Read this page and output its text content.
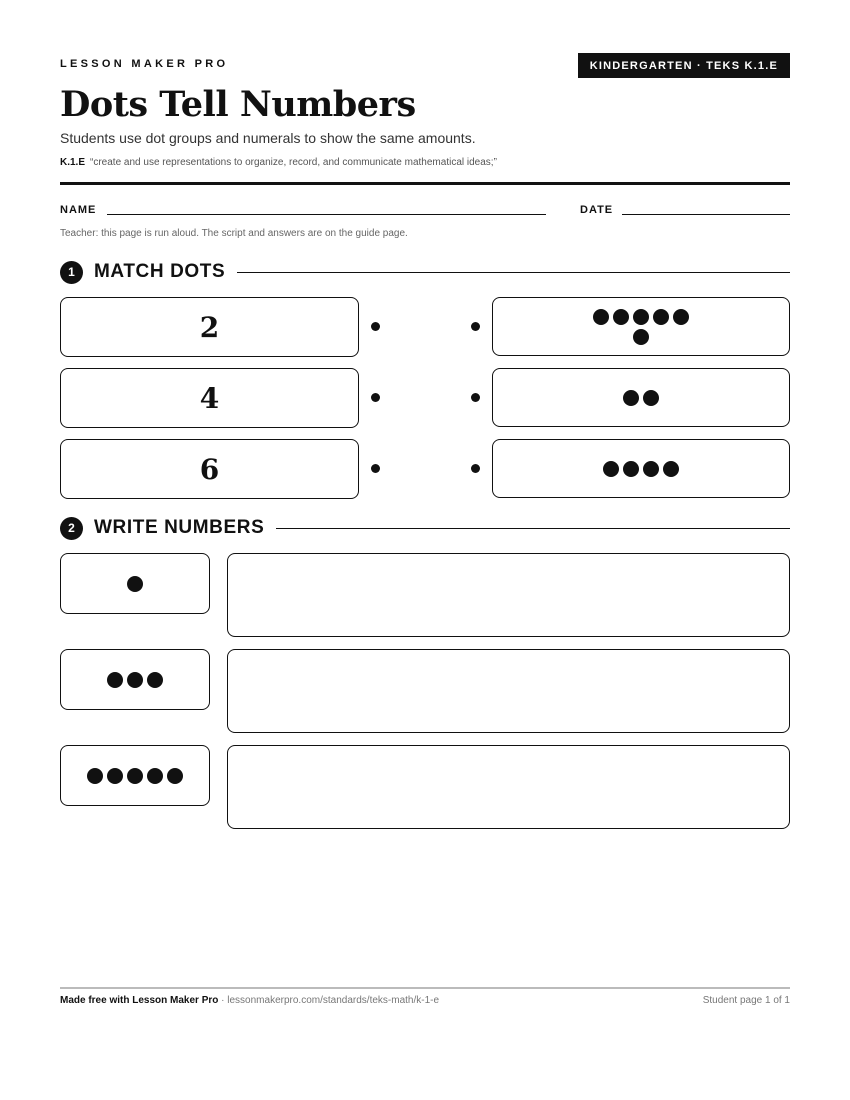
LESSON MAKER PRO	KINDERGARTEN · TEKS K.1.E
Dots Tell Numbers
Students use dot groups and numerals to show the same amounts.
K.1.E “create and use representations to organize, record, and communicate mathematical ideas;”
NAME	DATE
Teacher: this page is run aloud. The script and answers are on the guide page.
1	MATCH DOTS
2
4
6
2	WRITE NUMBERS
Made free with Lesson Maker Pro · lessonmakerpro.com/standards/teks-math/k-1-e	Student page 1 of 1
